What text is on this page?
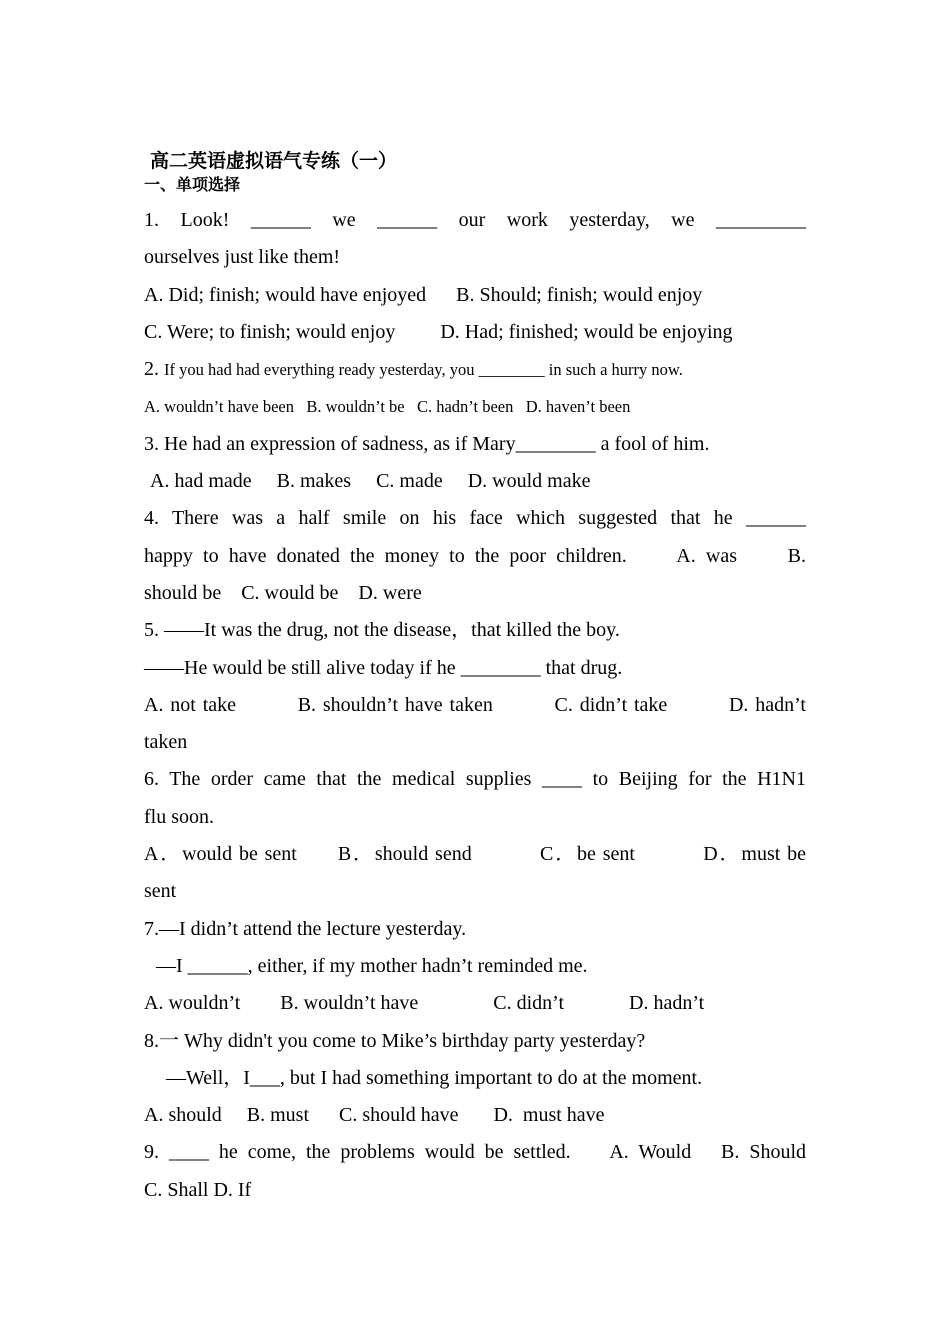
高二英语虚拟语气专练（一）
一、单项选择
1. Look! ______ we ______ our work yesterday, we _________
ourselves just like them!
A. Did; finish; would have enjoyed      B. Should; finish; would enjoy
C. Were; to finish; would enjoy         D. Had; finished; would be enjoying
2. If you had had everything ready yesterday, you ________ in such a hurry now.
A. wouldn’t have been   B. wouldn’t be   C. hadn’t been   D. haven’t been
3. He had an expression of sadness, as if Mary________ a fool of him.
A. had made     B. makes     C. made     D. would make
4. There was a half smile on his face which suggested that he ______
happy to have donated the money to the poor children.     A. was     B.
should be    C. would be    D. were
5. ——It was the drug, not the disease，that killed the boy.
——He would be still alive today if he ________ that drug.
A. not take         B. shouldn’t have taken         C. didn’t take         D. hadn’t
taken
6. The order came that the medical supplies ____ to Beijing for the H1N1
flu soon.
A．would be sent      B．should send          C．be sent          D．must be
sent
7.—I didn’t attend the lecture yesterday.
—I ______, either, if my mother hadn’t reminded me.
A. wouldn’t        B. wouldn’t have               C. didn’t             D. hadn’t
8.一 Why didn't you come to Mike’s birthday party yesterday?
—Well，I___, but I had something important to do at the moment.
A. should     B. must      C. should have       D.  must have
9. ____ he come, the problems would be settled.    A. Would   B. Should
C. Shall D. If
